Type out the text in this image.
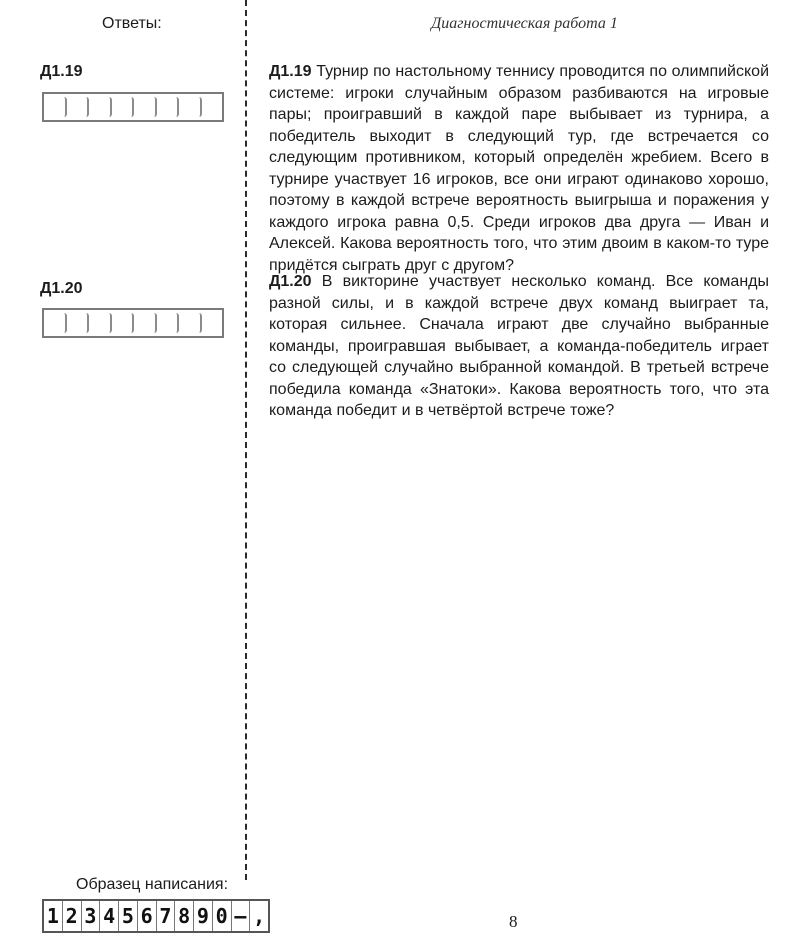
Ответы:
Д1.19
Д1.20
Диагностическая работа 1
Д1.19 Турнир по настольному теннису проводится по олимпийской системе: игроки случайным образом разбиваются на игровые пары; проигравший в каждой паре выбывает из турнира, а победитель выходит в следующий тур, где встречается со следующим противником, который определён жребием. Всего в турнире участвует 16 игроков, все они играют одинаково хорошо, поэтому в каждой встрече вероятность выигрыша и поражения у каждого игрока равна 0,5. Среди игроков два друга — Иван и Алексей. Какова вероятность того, что этим двоим в каком-то туре придётся сыграть друг с другом?
Д1.20 В викторине участвует несколько команд. Все команды разной силы, и в каждой встрече двух команд выиграет та, которая сильнее. Сначала играют две случайно выбранные команды, проигравшая выбывает, а команда-победитель играет со следующей случайно выбранной командой. В третьей встрече победила команда «Знатоки». Какова вероятность того, что эта команда победит и в четвёртой встрече тоже?
Образец написания:
1 2 3 4 5 6 7 8 9 0 – ,	8
